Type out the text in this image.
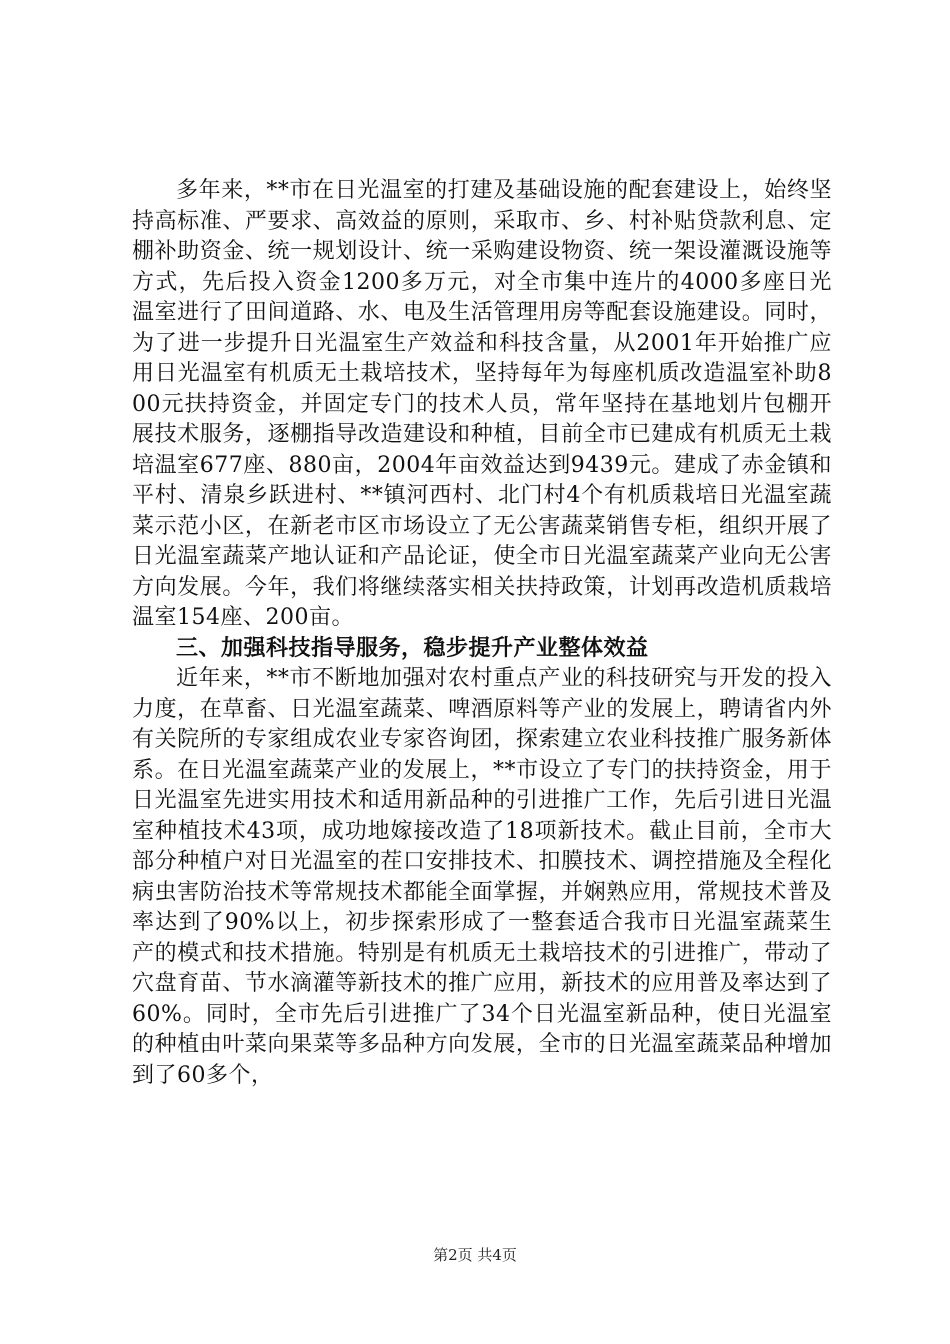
多年来，**市在日光温室的打建及基础设施的配套建设上，始终坚持高标准、严要求、高效益的原则，采取市、乡、村补贴贷款利息、定棚补助资金、统一规划设计、统一采购建设物资、统一架设灌溉设施等方式，先后投入资金1200多万元，对全市集中连片的4000多座日光温室进行了田间道路、水、电及生活管理用房等配套设施建设。同时，为了进一步提升日光温室生产效益和科技含量，从2001年开始推广应用日光温室有机质无土栽培技术，坚持每年为每座机质改造温室补助800元扶持资金，并固定专门的技术人员，常年坚持在基地划片包棚开展技术服务，逐棚指导改造建设和种植，目前全市已建成有机质无土栽培温室677座、880亩，2004年亩效益达到9439元。建成了赤金镇和平村、清泉乡跃进村、**镇河西村、北门村4个有机质栽培日光温室蔬菜示范小区，在新老市区市场设立了无公害蔬菜销售专柜，组织开展了日光温室蔬菜产地认证和产品论证，使全市日光温室蔬菜产业向无公害方向发展。今年，我们将继续落实相关扶持政策，计划再改造机质栽培温室154座、200亩。

三、加强科技指导服务，稳步提升产业整体效益

近年来，**市不断地加强对农村重点产业的科技研究与开发的投入力度，在草畜、日光温室蔬菜、啤酒原料等产业的发展上，聘请省内外有关院所的专家组成农业专家咨询团，探索建立农业科技推广服务新体系。在日光温室蔬菜产业的发展上，**市设立了专门的扶持资金，用于日光温室先进实用技术和适用新品种的引进推广工作，先后引进日光温室种植技术43项，成功地嫁接改造了18项新技术。截止目前，全市大部分种植户对日光温室的茬口安排技术、扣膜技术、调控措施及全程化病虫害防治技术等常规技术都能全面掌握，并娴熟应用，常规技术普及率达到了90%以上，初步探索形成了一整套适合我市日光温室蔬菜生产的模式和技术措施。特别是有机质无土栽培技术的引进推广，带动了穴盘育苗、节水滴灌等新技术的推广应用，新技术的应用普及率达到了60%。同时，全市先后引进推广了34个日光温室新品种，使日光温室的种植由叶菜向果菜等多品种方向发展，全市的日光温室蔬菜品种增加到了60多个，

第2页 共4页
